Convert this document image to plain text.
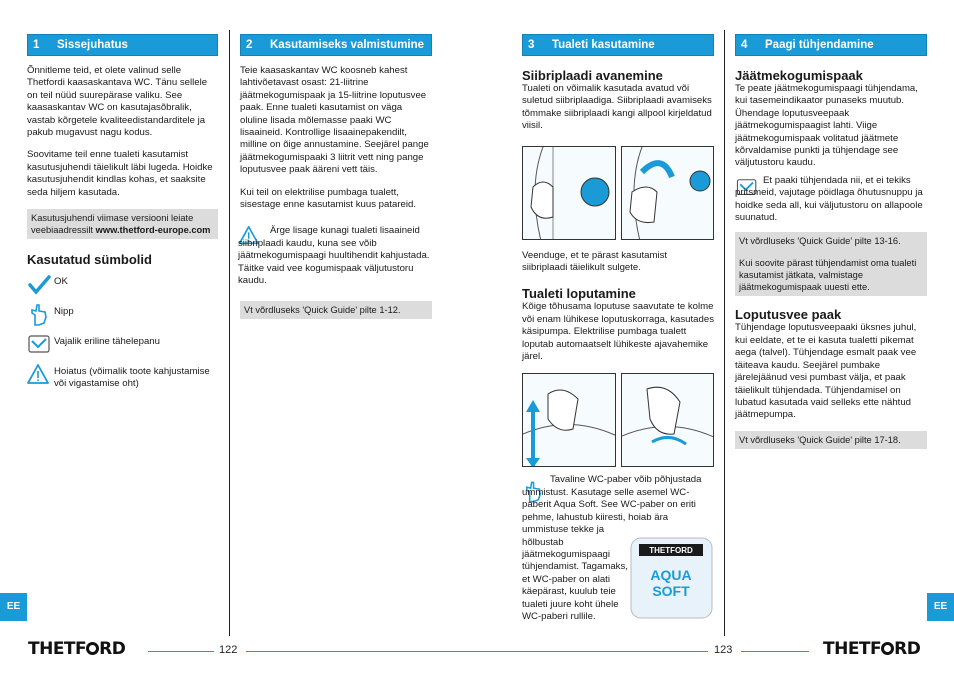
1	Sissejuhatus

Õnnitleme teid, et olete valinud selle Thetfordi kaasaskantava WC. Tänu sellele on teil nüüd suurepärase valiku. See kaasaskantav WC on kasutajasõbralik, vastab kõrgetele kvaliteedistandarditele ja pakub mugavust nagu kodus.

Soovitame teil enne tualeti kasutamist kasutusjuhendi täielikult läbi lugeda. Hoidke kasutusjuhendit kindlas kohas, et saaksite seda hiljem kasutada.

Kasutusjuhendi viimase versiooni leiate veebiaadressilt www.thetford-europe.com
Kasutatud sümbolid
OK
Nipp
Vajalik eriline tähelepanu
Hoiatus (võimalik toote kahjustamise või vigastamise oht)
2	Kasutamiseks valmistumine

Teie kaasaskantav WC koosneb kahest lahtivõetavast osast: 21-liitrine jäätmekogumispaak ja 15-liitrine loputusvee paak. Enne tualeti kasutamist on väga oluline lisada mõlemasse paaki WC lisaaineid. Kontrollige lisaainepakendilt, milline on õige annustamine. Seejärel pange jäätmekogumispaaki 3 liitrit vett ning pange loputusvee paak ääreni vett täis.

Kui teil on elektrilise pumbaga tualett, sisestage enne kasutamist kuus patareid.

Ärge lisage kunagi tualeti lisaaineid siibriplaadi kaudu, kuna see võib jäätmekogumispaagi huultihendit kahjustada. Täitke vaid vee kogumispaak väljutustoru kaudu.
Vt võrdluseks 'Quick Guide' pilte 1-12.
3	Tualeti kasutamine
Siibriplaadi avanemine

Tualeti on võimalik kasutada avatud või suletud siibriplaadiga. Siibriplaadi avamiseks tõmmake siibriplaadi kangi allpool kirjeldatud viisil.

Veenduge, et te pärast kasutamist siibriplaadi täielikult sulgete.

Tualeti loputamine

Kõige tõhusama loputuse saavutate te kolme või enam lühikese loputuskorraga, kasutades käsipumpa. Elektrilise pumbaga tualett loputab automaatselt lühikeste ajavahemike järel.

Tavaline WC-paber võib põhjustada ummistust. Kasutage selle asemel WC-paberit Aqua Soft. See WC-paber on eriti pehme, lahustub kiiresti, hoiab ära ummistuse tekke ja

hõlbustab jäätmekogumispaagi tühjendamist. Tagamaks, et WC-paber on alati käepärast, kuulub teie tualeti juure koht ühele WC-paberi rullile.

THETFORD
AQUA
SOFT
4	Paagi tühjendamine
Jäätmekogumispaak

Te peate jäätmekogumispaagi tühjendama, kui tasemeindikaator punaseks muutub. Ühendage loputusveepaak jäätmekogumispaagist lahti. Viige jäätmekogumispaak volitatud jäätmete kõrvaldamise punkti ja tühjendage see väljutustoru kaudu.

Et paaki tühjendada nii, et ei tekiks pritsmeid, vajutage pöidlaga õhutusnuppu ja hoidke seda all, kui väljutustoru on allapoole suunatud.
Vt võrdluseks 'Quick Guide' pilte 13-16.
Kui soovite pärast tühjendamist oma tualeti kasutamist jätkata, valmistage jäätmekogumispaak uuesti ette.
Loputusvee paak

Tühjendage loputusveepaaki üksnes juhul, kui eeldate, et te ei kasuta tualetti pikemat aega (talvel). Tühjendage esmalt paak vee täiteava kaudu. Seejärel pumbake järelejäänud vesi pumbast välja, et paak täielikult tühjendada. Tühjendamisel on lubatud kasutada vaid selleks ette nähtud jäätmepumpa.

Vt võrdluseks 'Quick Guide' pilte 17-18.
EE	EE
THETF RD	122	123	THETF RD
